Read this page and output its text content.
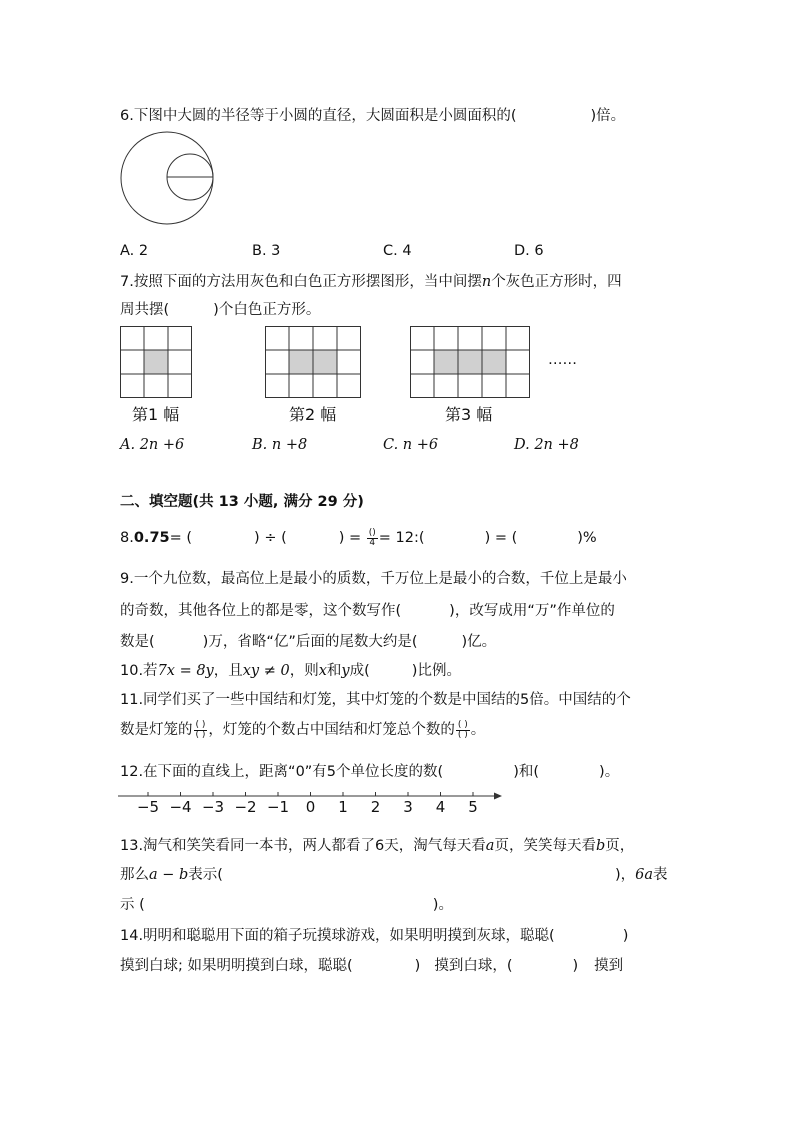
6.下图中大圆的半径等于小圆的直径，大圆面积是小圆面积的(	)倍。
A. 2	B. 3	C. 4	D. 6
7.按照下面的方法用灰色和白色正方形摆图形，当中间摆n个灰色正方形时，四
周共摆(	)个白色正方形。
……
第1 幅	第2 幅	第3 幅
A. 2n +6	B. n +8	C. n +6	D. 2n +8
二、填空题(共 13 小题, 满分 29 分)
8.0.75= (	) ÷ (	) = $\frac{()}{4}$ = 12:(	) = (	)%
9.一个九位数，最高位上是最小的质数，千万位上是最小的合数，千位上是最小
的奇数，其他各位上的都是零，这个数写作(	)，改写成用“万”作单位的
数是(	)万，省略“亿”后面的尾数大约是(	)亿。
10.若7x = 8y，且xy ≠ 0，则x和y成(	)比例。
11.同学们买了一些中国结和灯笼，其中灯笼的个数是中国结的5倍。中国结的个
数是灯笼的 $\frac{( )}{( )}$ ，灯笼的个数占中国结和灯笼总个数的 $\frac{( )}{( )}$ 。
12.在下面的直线上，距离“0”有5个单位长度的数(	)和(	)。
−5 −4 −3 −2 −1 0 1 2 3 4 5
13.淘气和笑笑看同一本书，两人都看了6天，淘气每天看a页，笑笑每天看b页，
那么a − b表示(	)，6a表
示 (	)。
14.明明和聪聪用下面的箱子玩摸球游戏，如果明明摸到灰球，聪聪(	)
摸到白球; 如果明明摸到白球，聪聪(	) 摸到白球，(	) 摸到
